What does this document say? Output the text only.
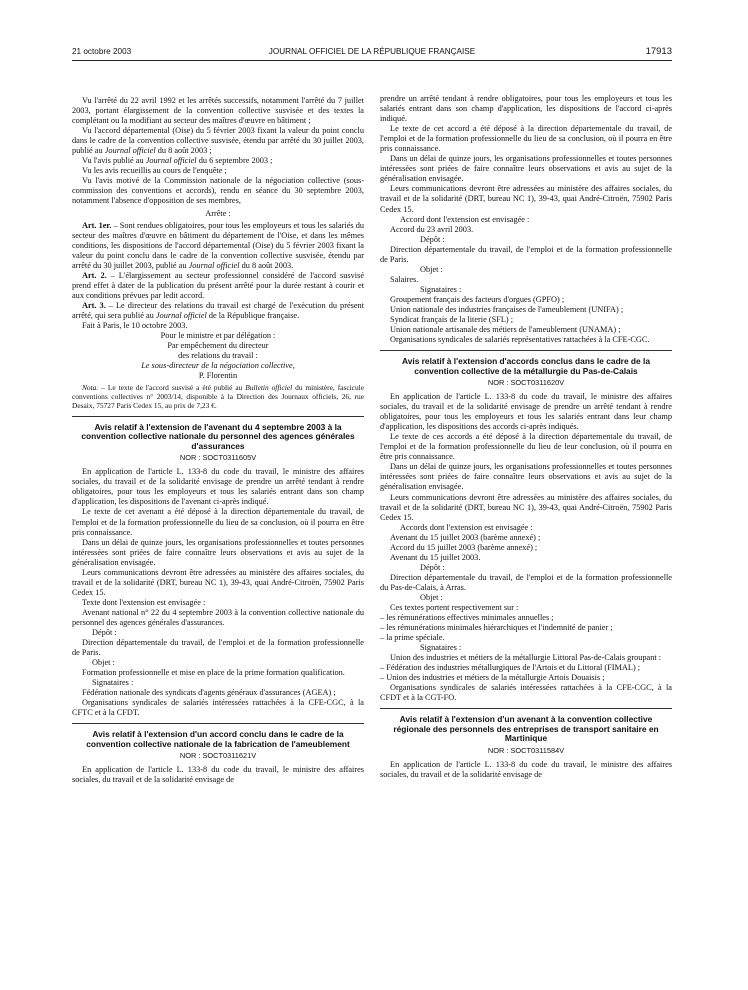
21 octobre 2003	JOURNAL OFFICIEL DE LA RÉPUBLIQUE FRANÇAISE	17913

Vu l'arrêté du 22 avril 1992 et les arrêtés successifs, notamment l'arrêté du 7 juillet 2003, portant élargissement de la convention collective susvisée et des textes la complétant ou la modifiant au secteur des maîtres d'œuvre en bâtiment ;

Vu l'accord départemental (Oise) du 5 février 2003 fixant la valeur du point conclu dans le cadre de la convention collective susvisée, étendu par arrêté du 30 juillet 2003, publié au Journal officiel du 8 août 2003 ;

Vu l'avis publié au Journal officiel du 6 septembre 2003 ;

Vu les avis recueillis au cours de l'enquête ;

Vu l'avis motivé de la Commission nationale de la négociation collective (sous-commission des conventions et accords), rendu en séance du 30 septembre 2003, notamment l'absence d'opposition de ses membres,

Arrête :

Art. 1er. – Sont rendues obligatoires, pour tous les employeurs et tous les salariés du secteur des maîtres d'œuvre en bâtiment du département de l'Oise, et dans les mêmes conditions, les dispositions de l'accord départemental (Oise) du 5 février 2003 fixant la valeur du point conclu dans le cadre de la convention collective susvisée, étendu par arrêté du 30 juillet 2003, publié au Journal officiel du 8 août 2003.

Art. 2. – L'élargissement au secteur professionnel considéré de l'accord susvisé prend effet à dater de la publication du présent arrêté pour la durée restant à courir et aux conditions prévues par ledit accord.

Art. 3. – Le directeur des relations du travail est chargé de l'exécution du présent arrêté, qui sera publié au Journal officiel de la République française.

Fait à Paris, le 10 octobre 2003.

Pour le ministre et par délégation :

Par empêchement du directeur

des relations du travail :

Le sous-directeur de la négociation collective,

P. Florentin

Nota. – Le texte de l'accord susvisé a été publié au Bulletin officiel du ministère, fascicule conventions collectives n° 2003/14, disponible à la Direction des Journaux officiels, 26, rue Desaix, 75727 Paris Cedex 15, au prix de 7,23 €.

Avis relatif à l'extension de l'avenant du 4 septembre 2003 à la convention collective nationale du personnel des agences générales d'assurances

NOR : SOCT0311605V

En application de l'article L. 133-8 du code du travail, le ministre des affaires sociales, du travail et de la solidarité envisage de prendre un arrêté tendant à rendre obligatoires, pour tous les employeurs et tous les salariés entrant dans son champ d'application, les dispositions de l'avenant ci-après indiqué.

Le texte de cet avenant a été déposé à la direction départementale du travail, de l'emploi et de la formation professionnelle du lieu de sa conclusion, où il pourra en être pris connaissance.

Dans un délai de quinze jours, les organisations professionnelles et toutes personnes intéressées sont priées de faire connaître leurs observations et avis au sujet de la généralisation envisagée.

Leurs communications devront être adressées au ministère des affaires sociales, du travail et de la solidarité (DRT, bureau NC 1), 39-43, quai André-Citroën, 75902 Paris Cedex 15.

Texte dont l'extension est envisagée :

Avenant national n° 22 du 4 septembre 2003 à la convention collective nationale du personnel des agences générales d'assurances.

Dépôt :

Direction départementale du travail, de l'emploi et de la formation professionnelle de Paris.

Objet :

Formation professionnelle et mise en place de la prime formation qualification.

Signataires :

Fédération nationale des syndicats d'agents généraux d'assurances (AGEA) ;

Organisations syndicales de salariés intéressées rattachées à la CFE-CGC, à la CFTC et à la CFDT.

Avis relatif à l'extension d'un accord conclu dans le cadre de la convention collective nationale de la fabrication de l'ameublement

NOR : SOCT0311621V

En application de l'article L. 133-8 du code du travail, le ministre des affaires sociales, du travail et de la solidarité envisage de

prendre un arrêté tendant à rendre obligatoires, pour tous les employeurs et tous les salariés entrant dans son champ d'application, les dispositions de l'accord ci-après indiqué.

Le texte de cet accord a été déposé à la direction départementale du travail, de l'emploi et de la formation professionnelle du lieu de sa conclusion, où il pourra en être pris connaissance.

Dans un délai de quinze jours, les organisations professionnelles et toutes personnes intéressées sont priées de faire connaître leurs observations et avis au sujet de la généralisation envisagée.

Leurs communications devront être adressées au ministère des affaires sociales, du travail et de la solidarité (DRT, bureau NC 1), 39-43, quai André-Citroën, 75902 Paris Cedex 15.

Accord dont l'extension est envisagée :

Accord du 23 avril 2003.

Dépôt :

Direction départementale du travail, de l'emploi et de la formation professionnelle de Paris.

Objet :

Salaires.

Signataires :

Groupement français des facteurs d'orgues (GPFO) ;

Union nationale des industries françaises de l'ameublement (UNIFA) ;

Syndicat français de la literie (SFL) ;

Union nationale artisanale des métiers de l'ameublement (UNAMA) ;

Organisations syndicales de salariés représentatives rattachées à la CFE-CGC.

Avis relatif à l'extension d'accords conclus dans le cadre de la convention collective de la métallurgie du Pas-de-Calais

NOR : SOCT0311620V

En application de l'article L. 133-8 du code du travail, le ministre des affaires sociales, du travail et de la solidarité envisage de prendre un arrêté tendant à rendre obligatoires, pour tous les employeurs et tous les salariés entrant dans leur champ d'application, les dispositions des accords ci-après indiqués.

Le texte de ces accords a été déposé à la direction départementale du travail, de l'emploi et de la formation professionnelle du lieu de leur conclusion, où il pourra en être pris connaissance.

Dans un délai de quinze jours, les organisations professionnelles et toutes personnes intéressées sont priées de faire connaître leurs observations et avis au sujet de la généralisation envisagée.

Leurs communications devront être adressées au ministère des affaires sociales, du travail et de la solidarité (DRT, bureau NC 1), 39-43, quai André-Citroën, 75902 Paris Cedex 15.

Accords dont l'extension est envisagée :

Avenant du 15 juillet 2003 (barème annexé) ;

Accord du 15 juillet 2003 (barème annexé) ;

Avenant du 15 juillet 2003.

Dépôt :

Direction départementale du travail, de l'emploi et de la formation professionnelle du Pas-de-Calais, à Arras.

Objet :

Ces textes portent respectivement sur :

– les rémunérations effectives minimales annuelles ;

– les rémunérations minimales hiérarchiques et l'indemnité de panier ;

– la prime spéciale.

Signataires :

Union des industries et métiers de la métallurgie Littoral Pas-de-Calais groupant :

– Fédération des industries métallurgiques de l'Artois et du Littoral (FIMAL) ;

– Union des industries et métiers de la métallurgie Artois Douaisis ;

Organisations syndicales de salariés intéressées rattachées à la CFE-CGC, à la CFDT et à la CGT-FO.

Avis relatif à l'extension d'un avenant à la convention collective régionale des personnels des entreprises de transport sanitaire en Martinique

NOR : SOCT0311584V

En application de l'article L. 133-8 du code du travail, le ministre des affaires sociales, du travail et de la solidarité envisage de
